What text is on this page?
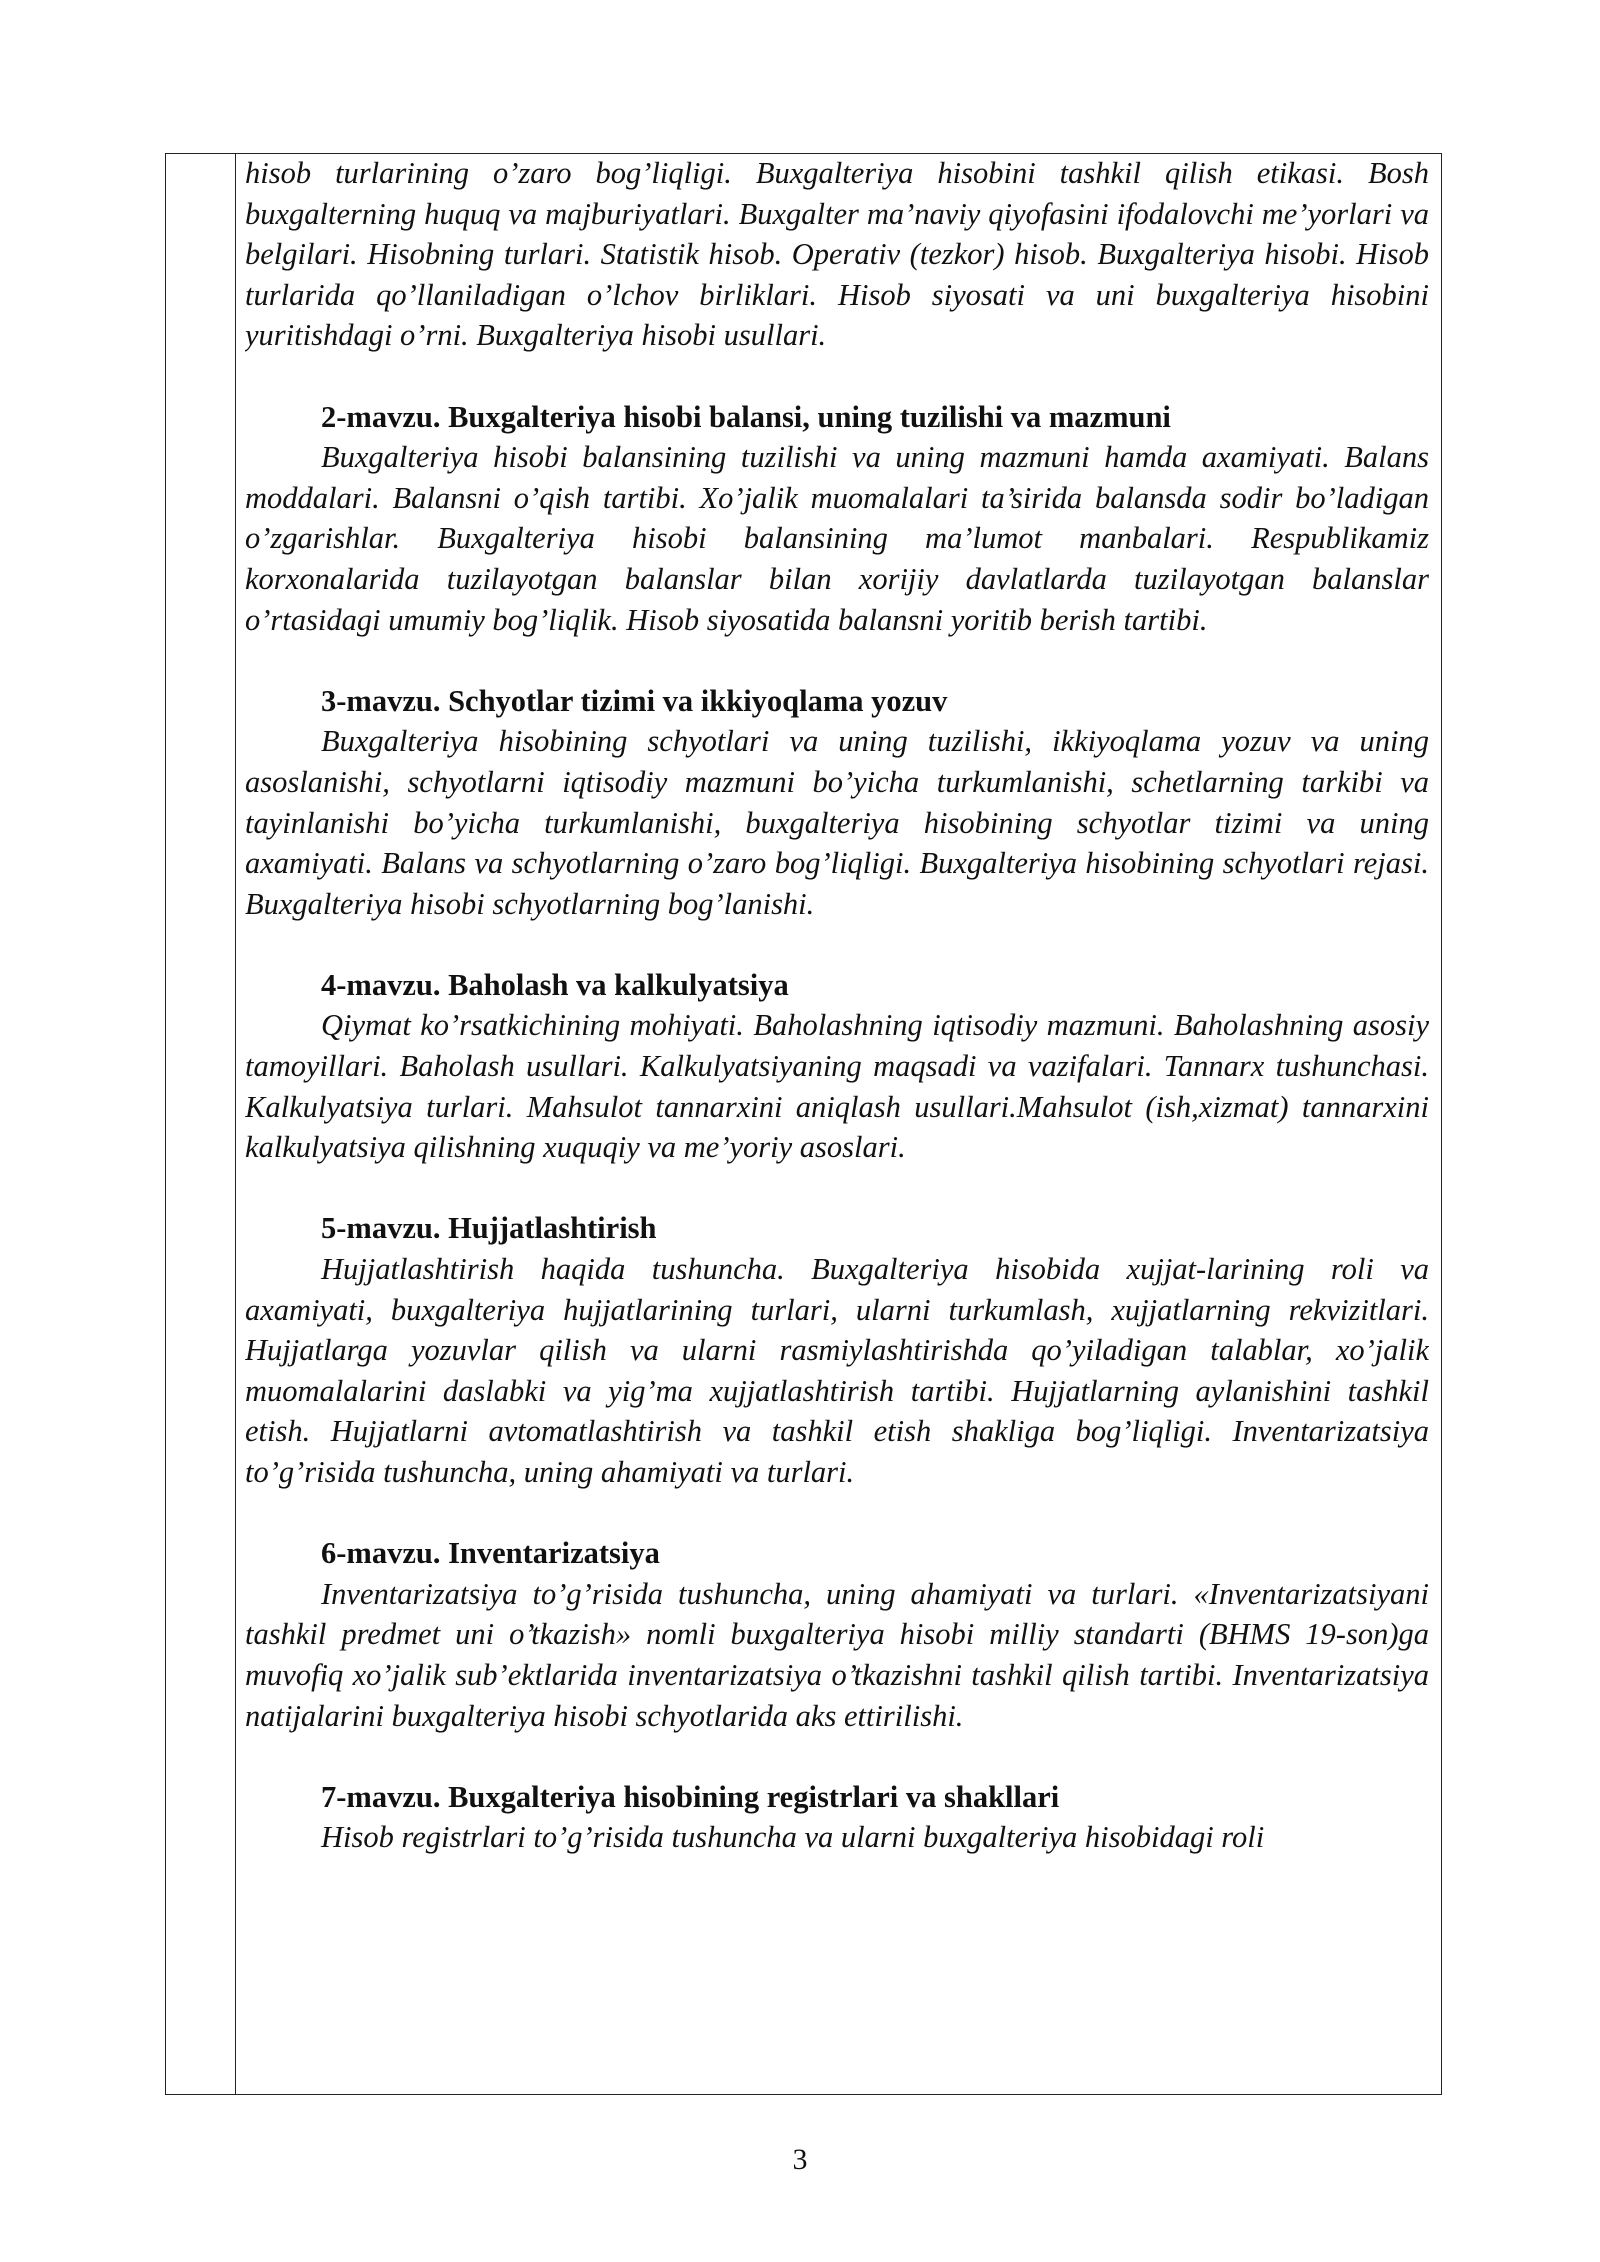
hisob turlarining o’zaro bog’liqligi. Buxgalteriya hisobini tashkil qilish etikasi. Bosh buxgalterning huquq va majburiyatlari. Buxgalter ma’naviy qiyofasini ifodalovchi me’yorlari va belgilari. Hisobning turlari. Statistik hisob. Operativ (tezkor) hisob. Buxgalteriya hisobi. Hisob turlarida qo’llaniladigan o’lchov birliklari. Hisob siyosati va uni buxgalteriya hisobini yuritishdagi o’rni. Buxgalteriya hisobi usullari.

2-mavzu. Buxgalteriya hisobi balansi, uning tuzilishi va mazmuni

Buxgalteriya hisobi balansining tuzilishi va uning mazmuni hamda axamiyati. Balans moddalari. Balansni o’qish tartibi. Xo’jalik muomalalari ta’sirida balansda sodir bo’ladigan o’zgarishlar. Buxgalteriya hisobi balansining ma’lumot manbalari. Respublikamiz korxonalarida tuzilayotgan balanslar bilan xorijiy davlatlarda tuzilayotgan balanslar o’rtasidagi umumiy bog’liqlik. Hisob siyosatida balansni yoritib berish tartibi.

3-mavzu. Schyotlar tizimi va ikkiyoqlama yozuv

Buxgalteriya hisobining schyotlari va uning tuzilishi, ikkiyoqlama yozuv va uning asoslanishi, schyotlarni iqtisodiy mazmuni bo’yicha turkumlanishi, schetlarning tarkibi va tayinlanishi bo’yicha turkumlanishi, buxgalteriya hisobining schyotlar tizimi va uning axamiyati. Balans va schyotlarning o’zaro bog’liqligi. Buxgalteriya hisobining schyotlari rejasi. Buxgalteriya hisobi schyotlarning bog’lanishi.

4-mavzu. Baholash va kalkulyatsiya

Qiymat ko’rsatkichining mohiyati. Baholashning iqtisodiy mazmuni. Baholashning asosiy tamoyillari. Baholash usullari. Kalkulyatsiyaning maqsadi va vazifalari. Tannarx tushunchasi. Kalkulyatsiya turlari. Mahsulot tannarxini aniqlash usullari.Mahsulot (ish,xizmat) tannarxini kalkulyatsiya qilishning xuquqiy va me’yoriy asoslari.

5-mavzu. Hujjatlashtirish

Hujjatlashtirish haqida tushuncha. Buxgalteriya hisobida xujjat-larining roli va axamiyati, buxgalteriya hujjatlarining turlari, ularni turkumlash, xujjatlarning rekvizitlari. Hujjatlarga yozuvlar qilish va ularni rasmiylashtirishda qo’yiladigan talablar, xo’jalik muomalalarini daslabki va yig’ma xujjatlashtirish tartibi. Hujjatlarning aylanishini tashkil etish. Hujjatlarni avtomatlashtirish va tashkil etish shakliga bog’liqligi. Inventarizatsiya to’g’risida tushuncha, uning ahamiyati va turlari.

6-mavzu. Inventarizatsiya

Inventarizatsiya to’g’risida tushuncha, uning ahamiyati va turlari. «Inventarizatsiyani tashkil predmet uni o’tkazish» nomli buxgalteriya hisobi milliy standarti (BHMS 19-son)ga muvofiq xo’jalik sub’ektlarida inventarizatsiya o’tkazishni tashkil qilish tartibi. Inventarizatsiya natijalarini buxgalteriya hisobi schyotlarida aks ettirilishi.

7-mavzu. Buxgalteriya hisobining registrlari va shakllari

Hisob registrlari to’g’risida tushuncha va ularni buxgalteriya hisobidagi roli

3
